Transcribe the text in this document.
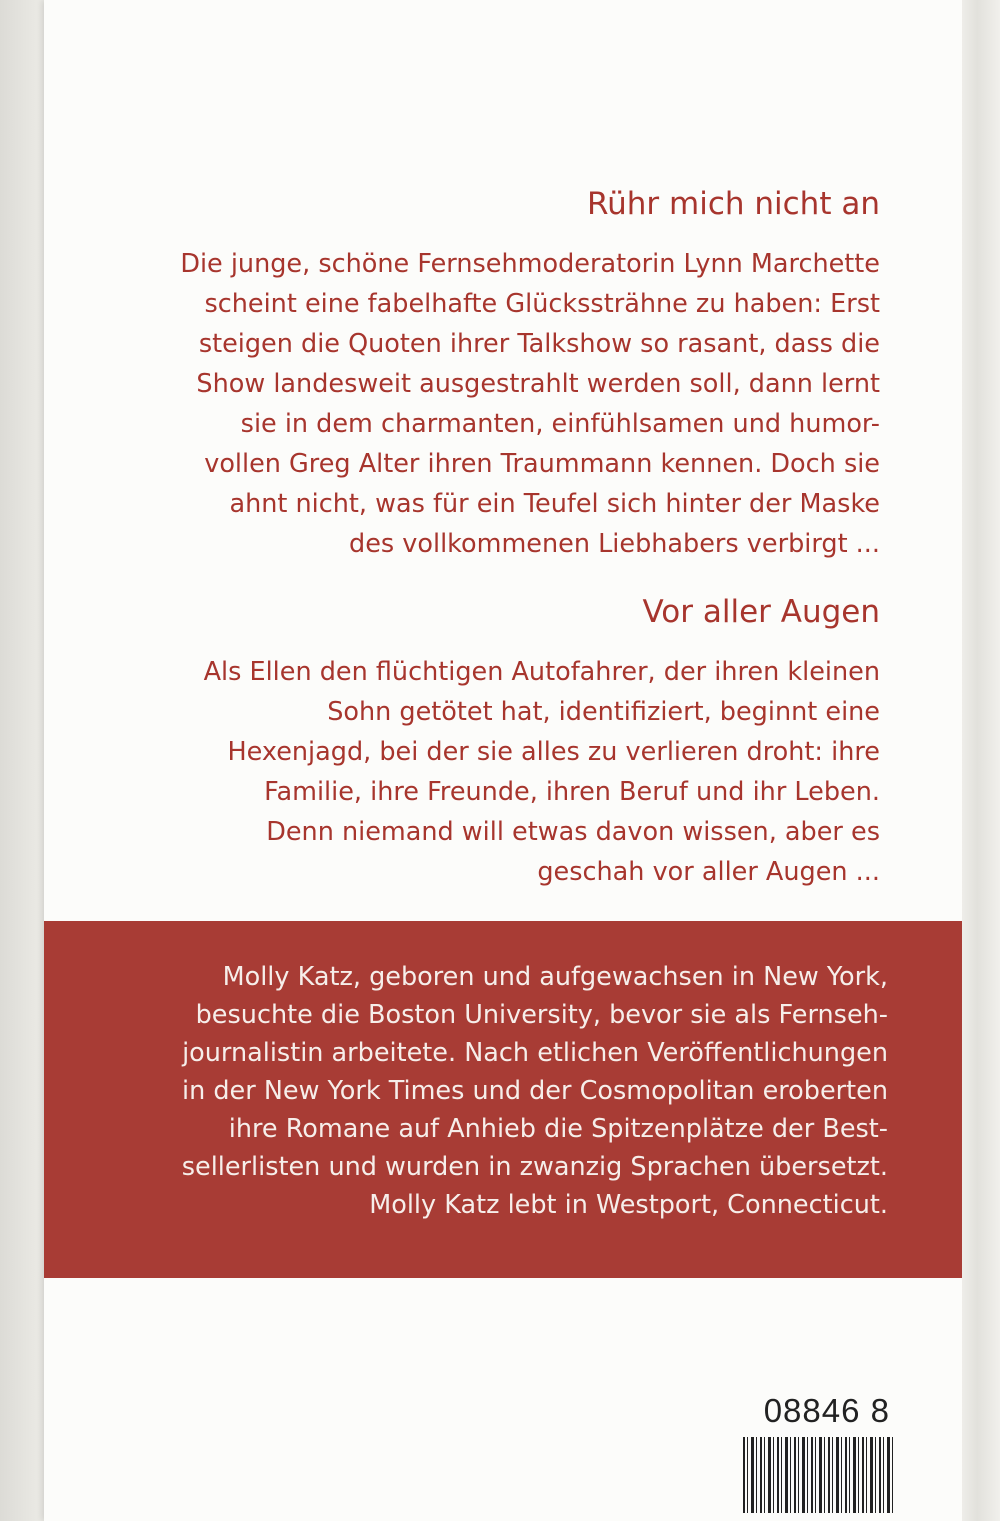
Rühr mich nicht an
Die junge, schöne Fernsehmoderatorin Lynn Marchette
scheint eine fabelhafte Glückssträhne zu haben: Erst
steigen die Quoten ihrer Talkshow so rasant, dass die
Show landesweit ausgestrahlt werden soll, dann lernt
sie in dem charmanten, einfühlsamen und humor-
vollen Greg Alter ihren Traummann kennen. Doch sie
ahnt nicht, was für ein Teufel sich hinter der Maske
des vollkommenen Liebhabers verbirgt ...
Vor aller Augen
Als Ellen den flüchtigen Autofahrer, der ihren kleinen
Sohn getötet hat, identifiziert, beginnt eine
Hexenjagd, bei der sie alles zu verlieren droht: ihre
Familie, ihre Freunde, ihren Beruf und ihr Leben.
Denn niemand will etwas davon wissen, aber es
geschah vor aller Augen ...
Molly Katz, geboren und aufgewachsen in New York,
besuchte die Boston University, bevor sie als Fernseh-
journalistin arbeitete. Nach etlichen Veröffentlichungen
in der New York Times und der Cosmopolitan eroberten
ihre Romane auf Anhieb die Spitzenplätze der Best-
sellerlisten und wurden in zwanzig Sprachen übersetzt.
Molly Katz lebt in Westport, Connecticut.
08846 8
